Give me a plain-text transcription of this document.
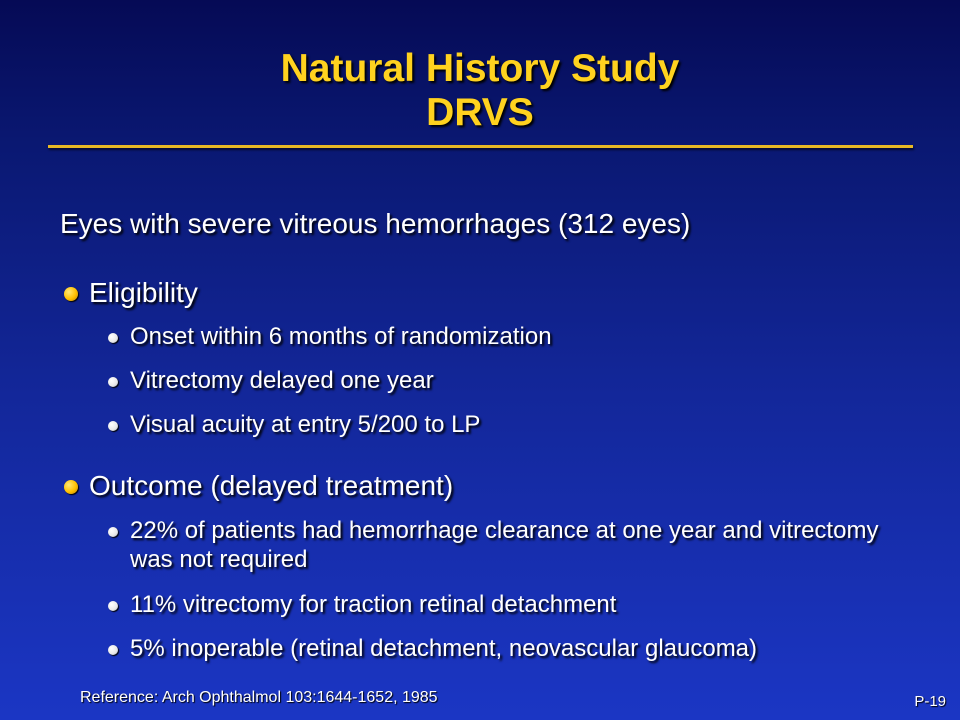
Natural History Study
DRVS
Eyes with severe vitreous hemorrhages (312 eyes)
Eligibility
Onset within 6 months of randomization
Vitrectomy delayed one year
Visual acuity at entry 5/200 to LP
Outcome (delayed treatment)
22% of patients had hemorrhage clearance at one year and vitrectomy was not required
11% vitrectomy for traction retinal detachment
5% inoperable (retinal detachment, neovascular glaucoma)
Reference: Arch Ophthalmol 103:1644-1652, 1985	P-19
